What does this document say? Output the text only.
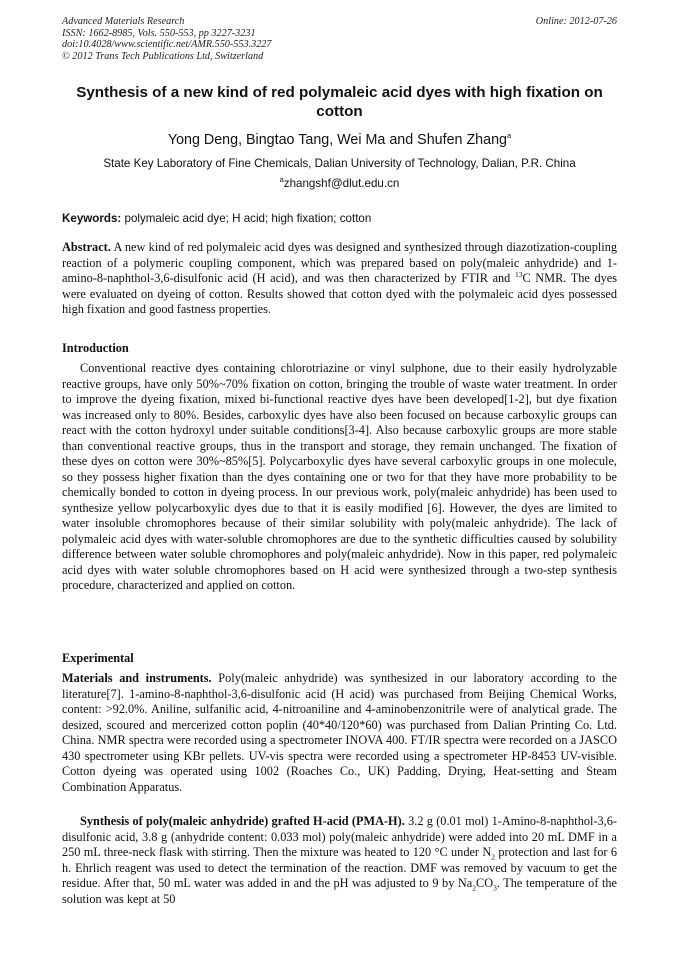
Online: 2012-07-26
Advanced Materials Research
ISSN: 1662-8985, Vols. 550-553, pp 3227-3231
doi:10.4028/www.scientific.net/AMR.550-553.3227
© 2012 Trans Tech Publications Ltd, Switzerland
Synthesis of a new kind of red polymaleic acid dyes with high fixation on cotton
Yong Deng, Bingtao Tang, Wei Ma and Shufen Zhang$^a$
State Key Laboratory of Fine Chemicals, Dalian University of Technology, Dalian, P.R. China
$^a$zhangshf@dlut.edu.cn
Keywords: polymaleic acid dye; H acid; high fixation; cotton

Abstract. A new kind of red polymaleic acid dyes was designed and synthesized through diazotization-coupling reaction of a polymeric coupling component, which was prepared based on poly(maleic anhydride) and 1-amino-8-naphthol-3,6-disulfonic acid (H acid), and was then characterized by FTIR and $^{13}$C NMR. The dyes were evaluated on dyeing of cotton. Results showed that cotton dyed with the polymaleic acid dyes possessed high fixation and good fastness properties.

Introduction

Conventional reactive dyes containing chlorotriazine or vinyl sulphone, due to their easily hydrolyzable reactive groups, have only 50%~70% fixation on cotton, bringing the trouble of waste water treatment. In order to improve the dyeing fixation, mixed bi-functional reactive dyes have been developed[1-2], but dye fixation was increased only to 80%. Besides, carboxylic dyes have also been focused on because carboxylic groups can react with the cotton hydroxyl under suitable conditions[3-4]. Also because carboxylic groups are more stable than conventional reactive groups, thus in the transport and storage, they remain unchanged. The fixation of these dyes on cotton were 30%~85%[5]. Polycarboxylic dyes have several carboxylic groups in one molecule, so they possess higher fixation than the dyes containing one or two for that they have more probability to be chemically bonded to cotton in dyeing process. In our previous work, poly(maleic anhydride) has been used to synthesize yellow polycarboxylic dyes due to that it is easily modified [6]. However, the dyes are limited to water insoluble chromophores because of their similar solubility with poly(maleic anhydride). The lack of polymaleic acid dyes with water-soluble chromophores are due to the synthetic difficulties caused by solubility difference between water soluble chromophores and poly(maleic anhydride). Now in this paper, red polymaleic acid dyes with water soluble chromophores based on H acid were synthesized through a two-step synthesis procedure, characterized and applied on cotton.

Experimental

Materials and instruments. Poly(maleic anhydride) was synthesized in our laboratory according to the literature[7]. 1-amino-8-naphthol-3,6-disulfonic acid (H acid) was purchased from Beijing Chemical Works, content: >92.0%. Aniline, sulfanilic acid, 4-nitroaniline and 4-aminobenzonitrile were of analytical grade. The desized, scoured and mercerized cotton poplin (40*40/120*60) was purchased from Dalian Printing Co. Ltd. China. NMR spectra were recorded using a spectrometer INOVA 400. FT/IR spectra were recorded on a JASCO 430 spectrometer using KBr pellets. UV-vis spectra were recorded using a spectrometer HP-8453 UV-visible. Cotton dyeing was operated using 1002 (Roaches Co., UK) Padding, Drying, Heat-setting and Steam Combination Apparatus.

Synthesis of poly(maleic anhydride) grafted H-acid (PMA-H). 3.2 g (0.01 mol) 1-Amino-8-naphthol-3,6-disulfonic acid, 3.8 g (anhydride content: 0.033 mol) poly(maleic anhydride) were added into 20 mL DMF in a 250 mL three-neck flask with stirring. Then the mixture was heated to 120 °C under $N_2$ protection and last for 6 h. Ehrlich reagent was used to detect the termination of the reaction. DMF was removed by vacuum to get the residue. After that, 50 mL water was added in and the pH was adjusted to 9 by $Na_2CO_3$. The temperature of the solution was kept at 50
